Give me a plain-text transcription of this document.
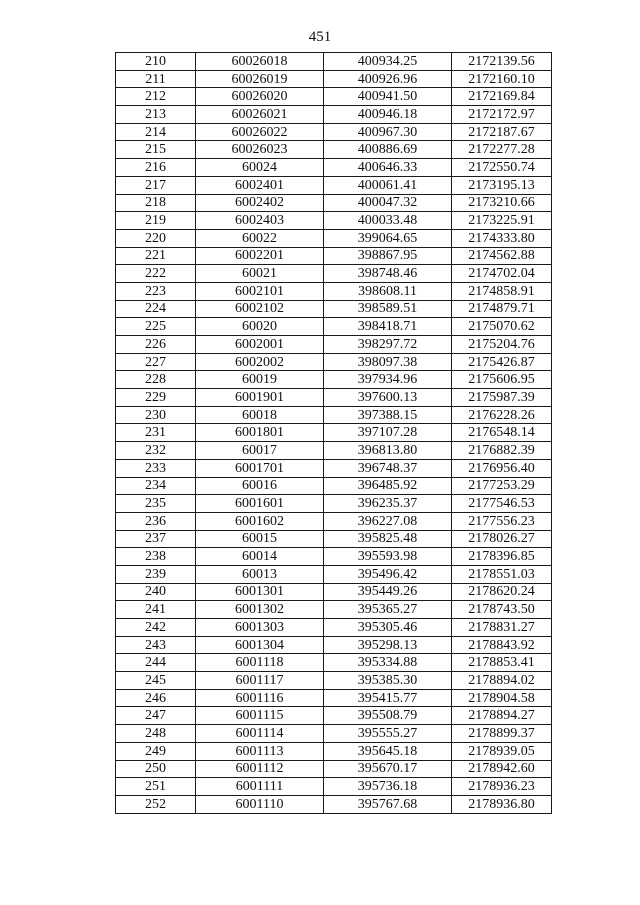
451
210	60026018	400934.25	2172139.56
211	60026019	400926.96	2172160.10
212	60026020	400941.50	2172169.84
213	60026021	400946.18	2172172.97
214	60026022	400967.30	2172187.67
215	60026023	400886.69	2172277.28
216	60024	400646.33	2172550.74
217	6002401	400061.41	2173195.13
218	6002402	400047.32	2173210.66
219	6002403	400033.48	2173225.91
220	60022	399064.65	2174333.80
221	6002201	398867.95	2174562.88
222	60021	398748.46	2174702.04
223	6002101	398608.11	2174858.91
224	6002102	398589.51	2174879.71
225	60020	398418.71	2175070.62
226	6002001	398297.72	2175204.76
227	6002002	398097.38	2175426.87
228	60019	397934.96	2175606.95
229	6001901	397600.13	2175987.39
230	60018	397388.15	2176228.26
231	6001801	397107.28	2176548.14
232	60017	396813.80	2176882.39
233	6001701	396748.37	2176956.40
234	60016	396485.92	2177253.29
235	6001601	396235.37	2177546.53
236	6001602	396227.08	2177556.23
237	60015	395825.48	2178026.27
238	60014	395593.98	2178396.85
239	60013	395496.42	2178551.03
240	6001301	395449.26	2178620.24
241	6001302	395365.27	2178743.50
242	6001303	395305.46	2178831.27
243	6001304	395298.13	2178843.92
244	6001118	395334.88	2178853.41
245	6001117	395385.30	2178894.02
246	6001116	395415.77	2178904.58
247	6001115	395508.79	2178894.27
248	6001114	395555.27	2178899.37
249	6001113	395645.18	2178939.05
250	6001112	395670.17	2178942.60
251	6001111	395736.18	2178936.23
252	6001110	395767.68	2178936.80
